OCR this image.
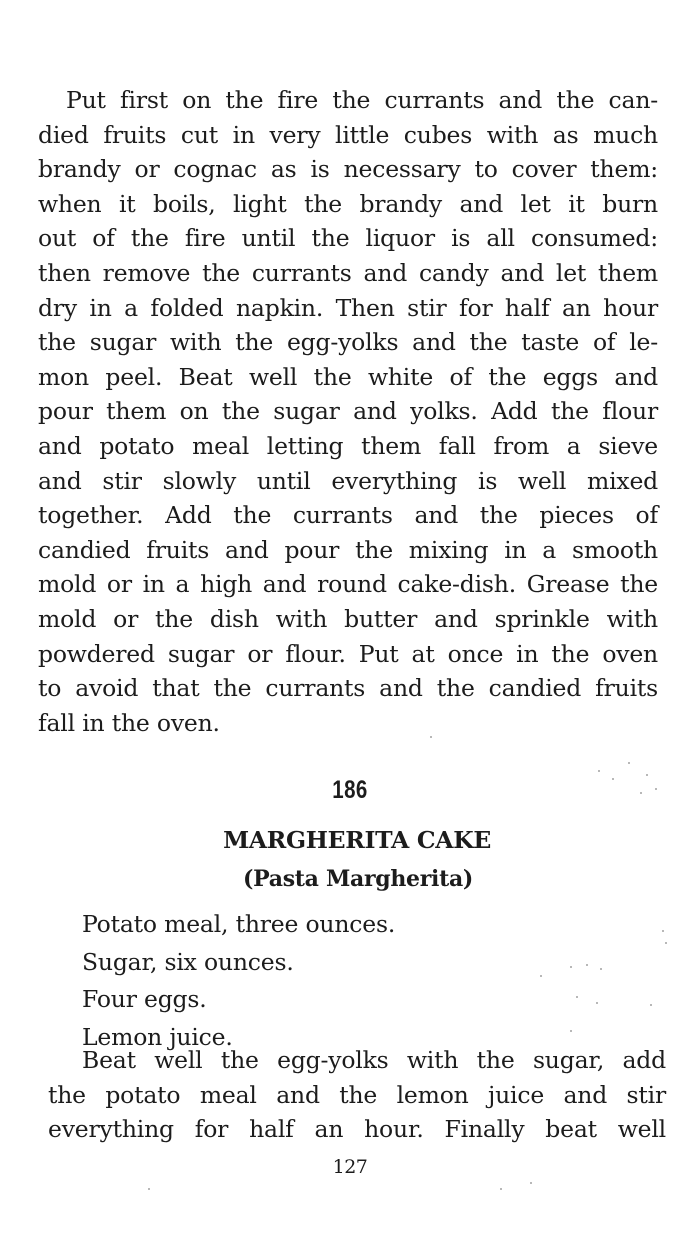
Put first on the fire the currants and the can-
died fruits cut in very little cubes with as much
brandy or cognac as is necessary to cover them:
when it boils, light the brandy and let it burn
out of the fire until the liquor is all consumed:
then remove the currants and candy and let them
dry in a folded napkin. Then stir for half an hour
the sugar with the egg-yolks and the taste of le-
mon peel. Beat well the white of the eggs and
pour them on the sugar and yolks. Add the flour
and potato meal letting them fall from a sieve
and stir slowly until everything is well mixed
together. Add the currants and the pieces of
candied fruits and pour the mixing in a smooth
mold or in a high and round cake-dish. Grease the
mold or the dish with butter and sprinkle with
powdered sugar or flour. Put at once in the oven
to avoid that the currants and the candied fruits
fall in the oven.
186
MARGHERITA CAKE
(Pasta Margherita)
Potato meal, three ounces.
Sugar, six ounces.
Four eggs.
Lemon juice.
Beat well the egg-yolks with the sugar, add
the potato meal and the lemon juice and stir
everything for half an hour. Finally beat well
127
